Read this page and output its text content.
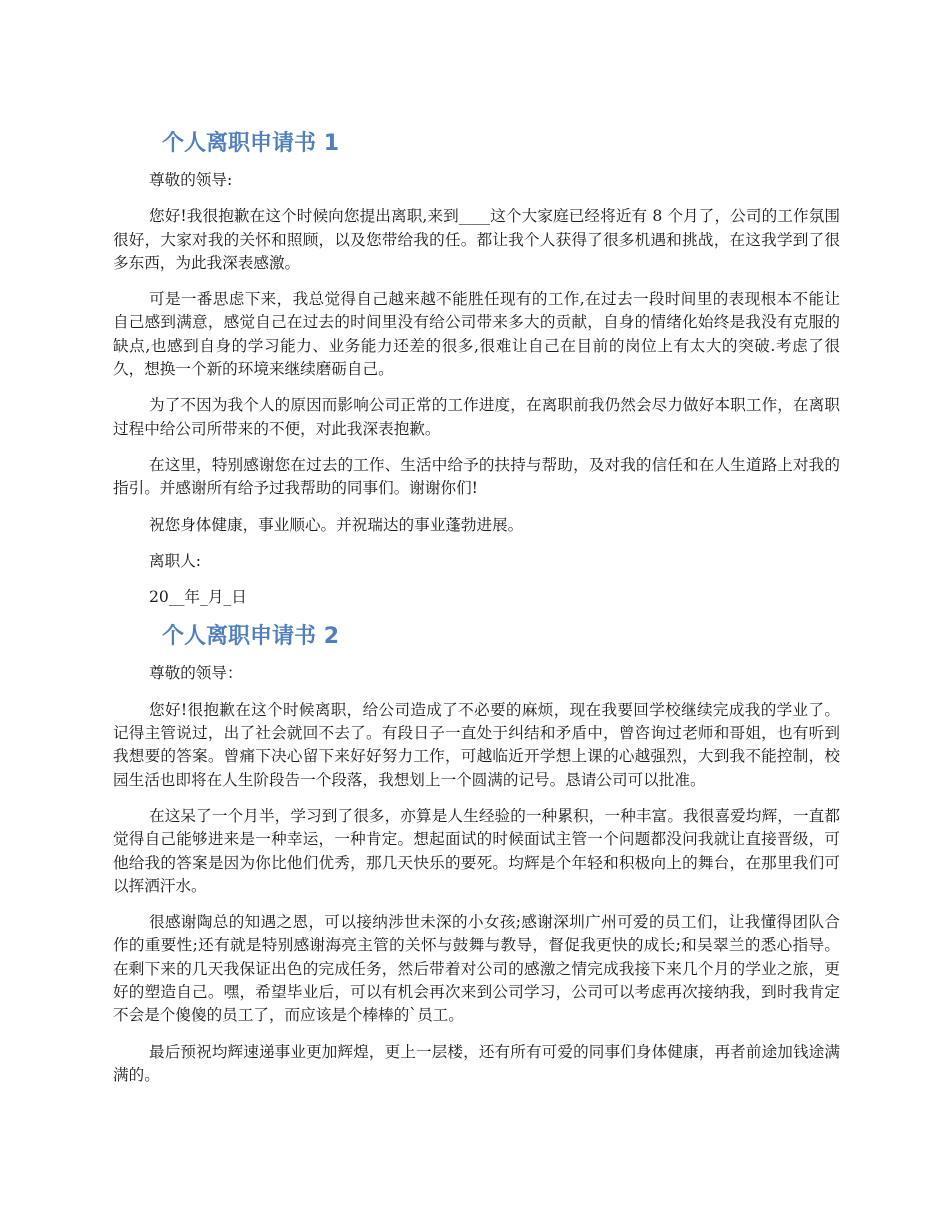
个人离职申请书 1

尊敬的领导:

您好!我很抱歉在这个时候向您提出离职,来到____这个大家庭已经将近有 8 个月了，公司的工作氛围很好，大家对我的关怀和照顾，以及您带给我的任。都让我个人获得了很多机遇和挑战，在这我学到了很多东西，为此我深表感激。

可是一番思虑下来，我总觉得自己越来越不能胜任现有的工作,在过去一段时间里的表现根本不能让自己感到满意，感觉自己在过去的时间里没有给公司带来多大的贡献，自身的情绪化始终是我没有克服的缺点,也感到自身的学习能力、业务能力还差的很多,很难让自己在目前的岗位上有太大的突破.考虑了很久，想换一个新的环境来继续磨砺自己。

为了不因为我个人的原因而影响公司正常的工作进度，在离职前我仍然会尽力做好本职工作，在离职过程中给公司所带来的不便，对此我深表抱歉。

在这里，特别感谢您在过去的工作、生活中给予的扶持与帮助，及对我的信任和在人生道路上对我的指引。并感谢所有给予过我帮助的同事们。谢谢你们!

祝您身体健康，事业顺心。并祝瑞达的事业蓬勃进展。

离职人:

20__年_月_日

个人离职申请书 2

尊敬的领导：

您好!很抱歉在这个时候离职，给公司造成了不必要的麻烦，现在我要回学校继续完成我的学业了。记得主管说过，出了社会就回不去了。有段日子一直处于纠结和矛盾中，曾咨询过老师和哥姐，也有听到我想要的答案。曾痛下决心留下来好好努力工作，可越临近开学想上课的心越强烈，大到我不能控制，校园生活也即将在人生阶段告一个段落，我想划上一个圆满的记号。恳请公司可以批准。

在这呆了一个月半，学习到了很多，亦算是人生经验的一种累积，一种丰富。我很喜爱均辉，一直都觉得自己能够进来是一种幸运，一种肯定。想起面试的时候面试主管一个问题都没问我就让直接晋级，可他给我的答案是因为你比他们优秀，那几天快乐的要死。均辉是个年轻和积极向上的舞台，在那里我们可以挥洒汗水。

很感谢陶总的知遇之恩，可以接纳涉世未深的小女孩;感谢深圳广州可爱的员工们，让我懂得团队合作的重要性;还有就是特别感谢海亮主管的关怀与鼓舞与教导，督促我更快的成长;和吴翠兰的悉心指导。在剩下来的几天我保证出色的完成任务，然后带着对公司的感激之情完成我接下来几个月的学业之旅，更好的塑造自己。嘿，希望毕业后，可以有机会再次来到公司学习，公司可以考虑再次接纳我，到时我肯定不会是个傻傻的员工了，而应该是个棒棒的`员工。

最后预祝均辉速递事业更加辉煌，更上一层楼，还有所有可爱的同事们身体健康，再者前途加钱途满满的。
